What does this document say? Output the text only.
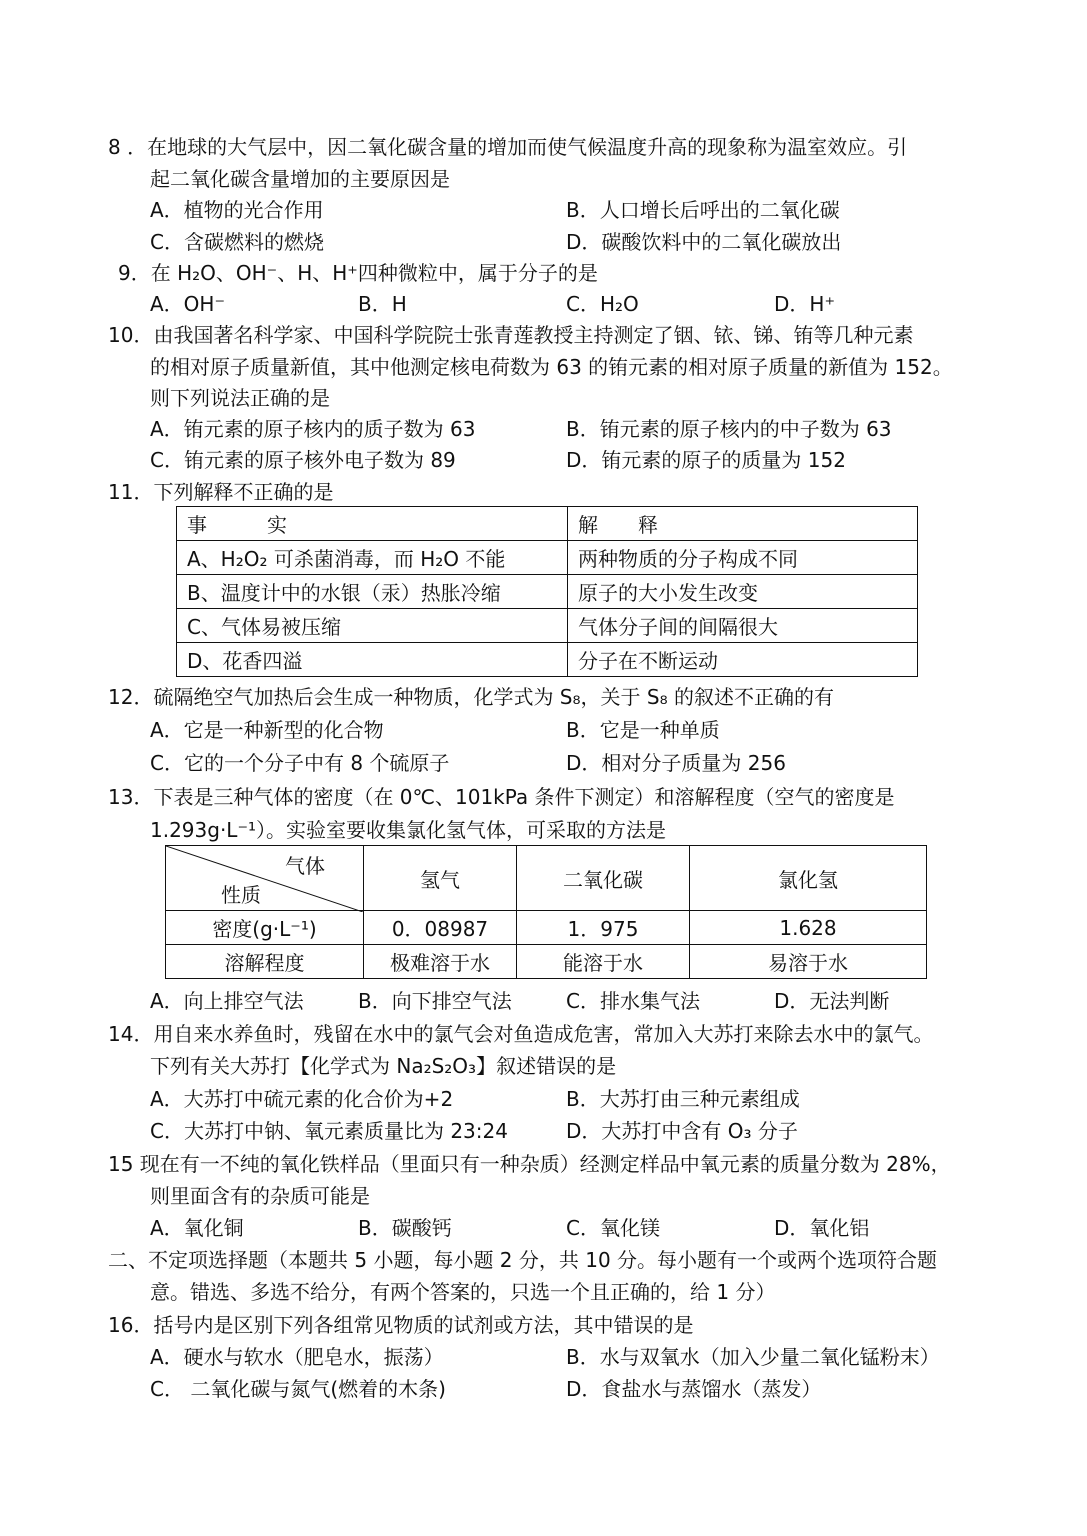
8 ．在地球的大气层中，因二氧化碳含量的增加而使气候温度升高的现象称为温室效应。引
起二氧化碳含量增加的主要原因是
A．植物的光合作用	B．人口增长后呼出的二氧化碳
C．含碳燃料的燃烧	D．碳酸饮料中的二氧化碳放出
9．在 H₂O、OH⁻、H、H⁺四种微粒中，属于分子的是
A．OH⁻	B．H	C．H₂O	D．H⁺
10．由我国著名科学家、中国科学院院士张青莲教授主持测定了铟、铱、锑、铕等几种元素
的相对原子质量新值，其中他测定核电荷数为 63 的铕元素的相对原子质量的新值为 152。
则下列说法正确的是
A．铕元素的原子核内的质子数为 63	B．铕元素的原子核内的中子数为 63
C．铕元素的原子核外电子数为 89	D．铕元素的原子的质量为 152
11．下列解释不正确的是
事　　　实	解　　释
A、H₂O₂ 可杀菌消毒，而 H₂O 不能	两种物质的分子构成不同
B、温度计中的水银（汞）热胀冷缩	原子的大小发生改变
C、气体易被压缩	气体分子间的间隔很大
D、花香四溢	分子在不断运动
12．硫隔绝空气加热后会生成一种物质，化学式为 S₈，关于 S₈ 的叙述不正确的有
A．它是一种新型的化合物	B．它是一种单质
C．它的一个分子中有 8 个硫原子	D．相对分子质量为 256
13．下表是三种气体的密度（在 0℃、101kPa 条件下测定）和溶解程度（空气的密度是
1.293g·L⁻¹）。实验室要收集氯化氢气体，可采取的方法是
气体
性质	氢气	二氧化碳	氯化氢
密度(g·L⁻¹)	0．08987	1．975	1.628
溶解程度	极难溶于水	能溶于水	易溶于水
A．向上排空气法	B．向下排空气法	C．排水集气法	D．无法判断
14．用自来水养鱼时，残留在水中的氯气会对鱼造成危害，常加入大苏打来除去水中的氯气。
下列有关大苏打【化学式为 Na₂S₂O₃】叙述错误的是
A．大苏打中硫元素的化合价为+2	B．大苏打由三种元素组成
C．大苏打中钠、氧元素质量比为 23:24	D．大苏打中含有 O₃ 分子
15 现在有一不纯的氧化铁样品（里面只有一种杂质）经测定样品中氧元素的质量分数为 28%，
则里面含有的杂质可能是
A．氧化铜	B．碳酸钙	C．氧化镁	D．氧化铝
二、不定项选择题（本题共 5 小题，每小题 2 分，共 10 分。每小题有一个或两个选项符合题
意。错选、多选不给分，有两个答案的，只选一个且正确的，给 1 分）
16．括号内是区别下列各组常见物质的试剂或方法，其中错误的是
A．硬水与软水（肥皂水，振荡）	B．水与双氧水（加入少量二氧化锰粉末）
C． 二氧化碳与氮气(燃着的木条)	D．食盐水与蒸馏水（蒸发）
